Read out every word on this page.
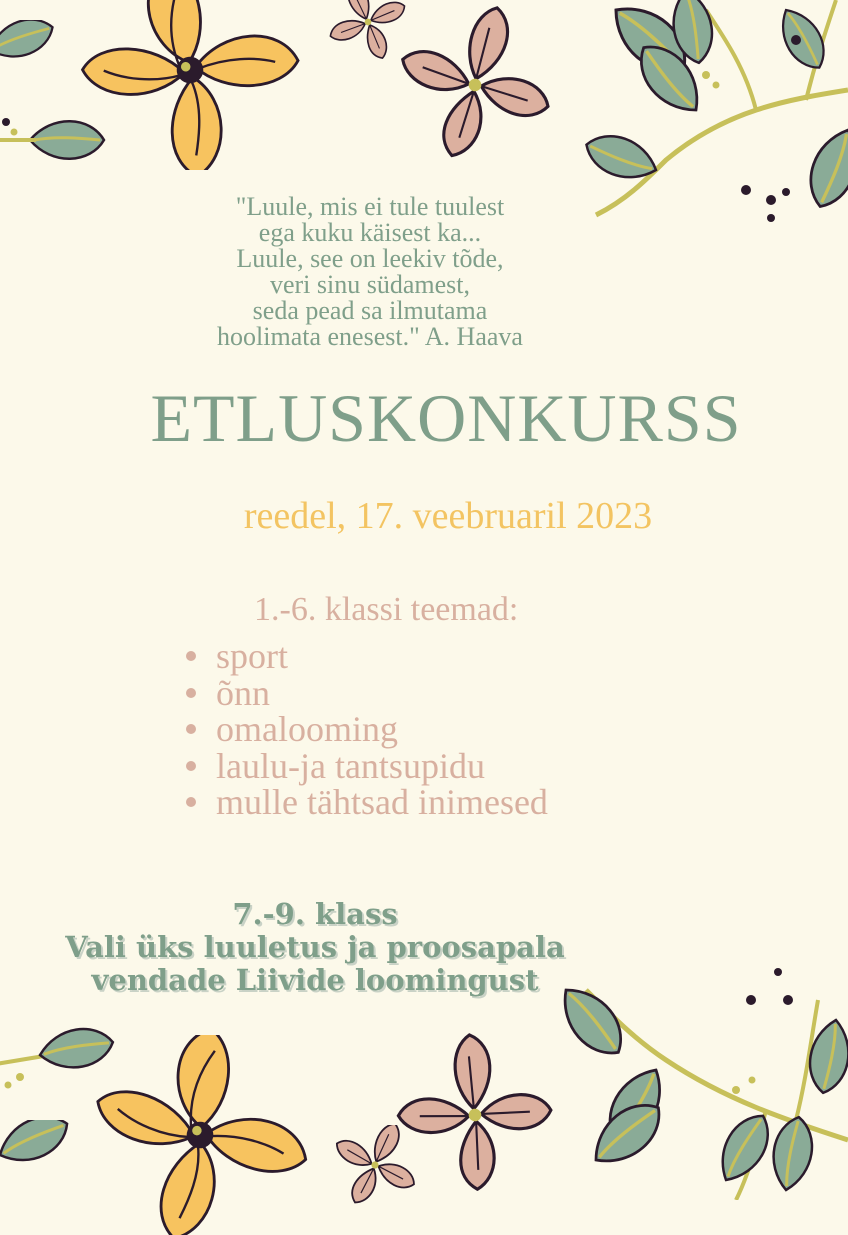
"Luule, mis ei tule tuulest
ega kuku käisest ka...
Luule, see on leekiv tõde,
veri sinu südamest,
seda pead sa ilmutama
hoolimata enesest." A. Haava
ETLUSKONKURSS
reedel, 17. veebruaril 2023
1.-6. klassi teemad:
sport
õnn
omalooming
laulu-ja tantsupidu
mulle tähtsad inimesed
7.-9. klass
Vali üks luuletus ja proosapala
vendade Liivide loomingust
